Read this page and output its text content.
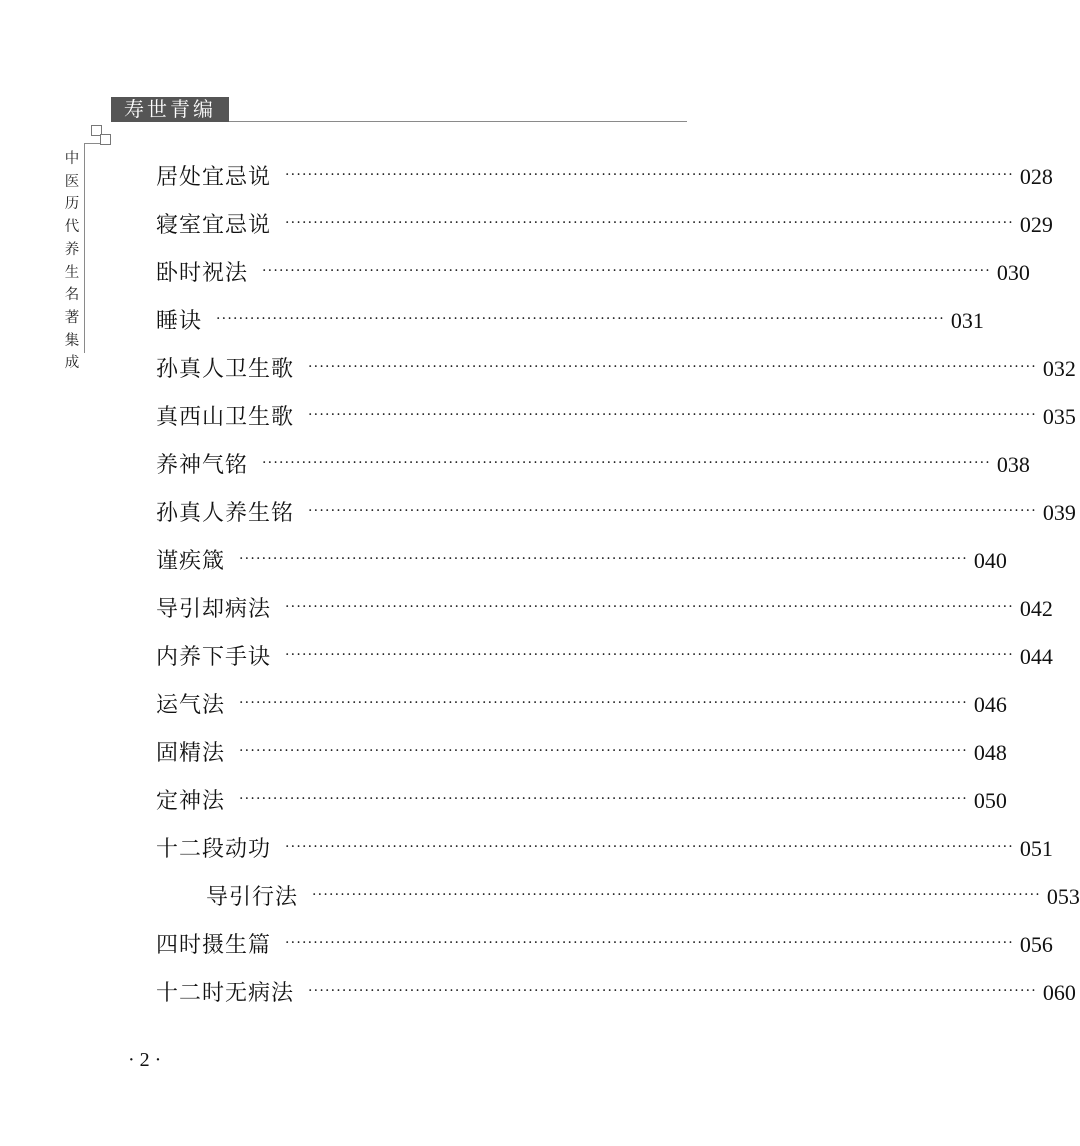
寿世青编
中
医
历
代
养
生
名
著
集
成
居处宜忌说	································································································································· 028
寝室宜忌说	································································································································· 029
卧时祝法	································································································································· 030
睡诀	································································································································· 031
孙真人卫生歌	································································································································· 032
真西山卫生歌	································································································································· 035
养神气铭	································································································································· 038
孙真人养生铭	································································································································· 039
谨疾箴	································································································································· 040
导引却病法	································································································································· 042
内养下手诀	································································································································· 044
运气法	································································································································· 046
固精法	································································································································· 048
定神法	································································································································· 050
十二段动功	································································································································· 051
导引行法	································································································································· 053
四时摄生篇	································································································································· 056
十二时无病法	································································································································· 060
· 2 ·
